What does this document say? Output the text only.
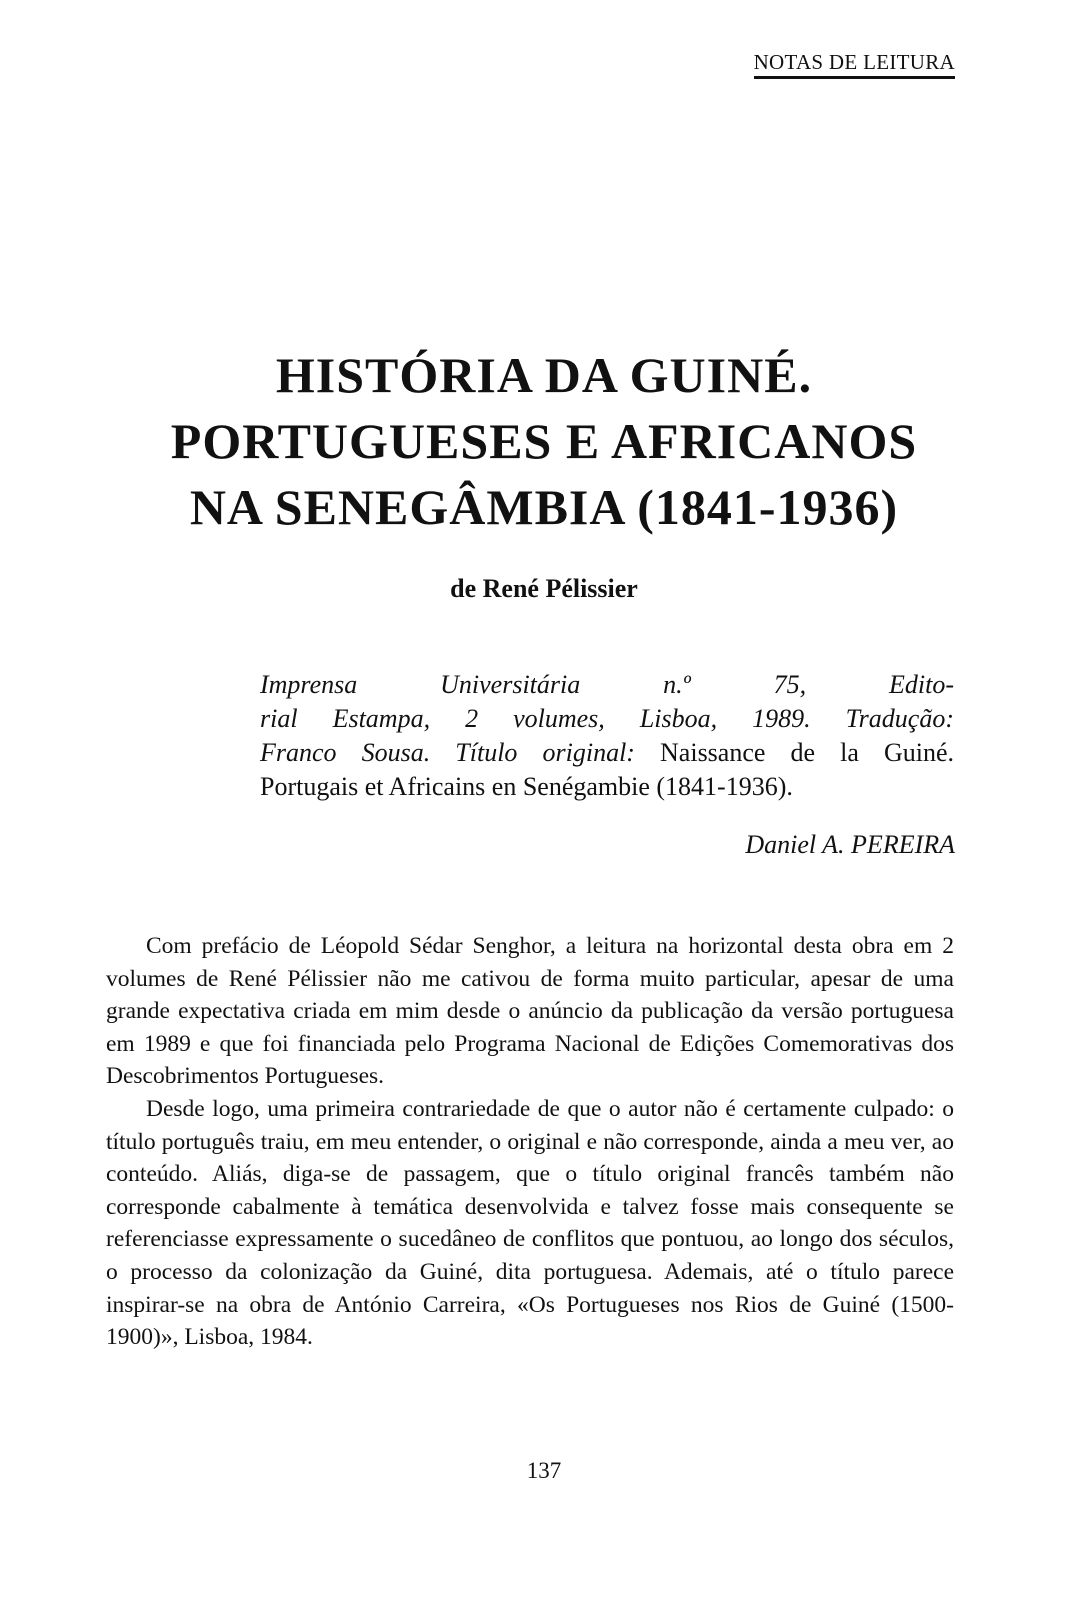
NOTAS DE LEITURA
HISTÓRIA DA GUINÉ.
PORTUGUESES E AFRICANOS
NA SENEGÂMBIA (1841-1936)
de René Pélissier
Imprensa Universitária n.º 75, Edito-
rial Estampa, 2 volumes, Lisboa, 1989. Tradução:
Franco Sousa. Título original: Naissance de la Guiné.
Portugais et Africains en Senégambie (1841-1936).
Daniel A. PEREIRA

Com prefácio de Léopold Sédar Senghor, a leitura na horizontal desta obra em 2 volumes de René Pélissier não me cativou de forma muito particular, apesar de uma grande expectativa criada em mim desde o anúncio da publicação da versão portuguesa em 1989 e que foi financiada pelo Programa Nacional de Edições Comemorativas dos Descobrimentos Portugueses.

Desde logo, uma primeira contrariedade de que o autor não é certamente culpado: o título português traiu, em meu entender, o original e não corresponde, ainda a meu ver, ao conteúdo. Aliás, diga-se de passagem, que o título original francês também não corresponde cabalmente à temática desenvolvida e talvez fosse mais consequente se referenciasse expressamente o sucedâneo de conflitos que pontuou, ao longo dos séculos, o processo da colonização da Guiné, dita portuguesa. Ademais, até o título parece inspirar-se na obra de António Carreira, «Os Portugueses nos Rios de Guiné (1500-1900)», Lisboa, 1984.

137
